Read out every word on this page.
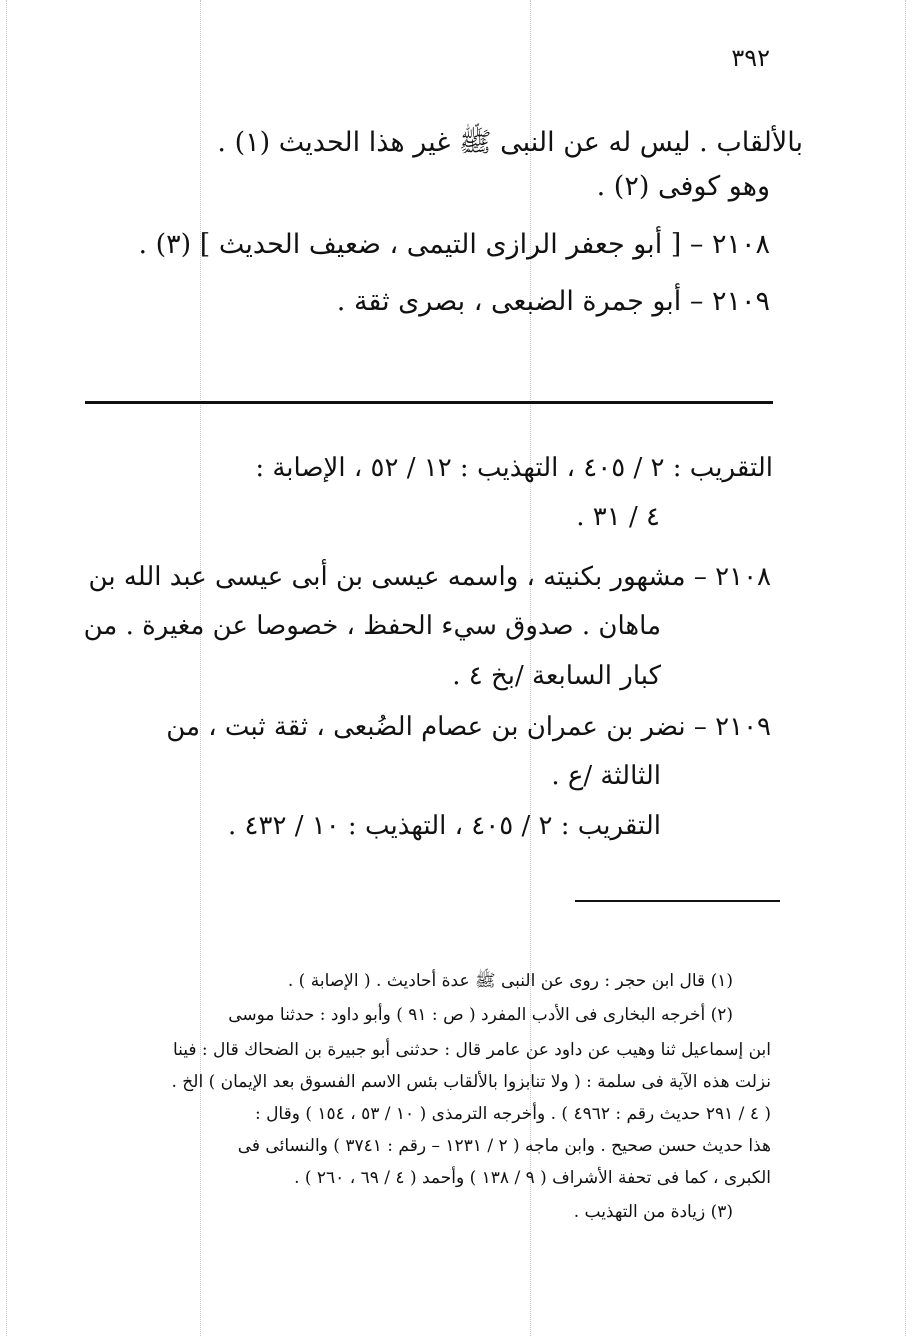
٣٩٢
بالألقاب . ليس له عن النبى ﷺ غير هذا الحديث (١) .
وهو كوفى (٢) .
٢١٠٨ – [ أبو جعفر الرازى التيمى ، ضعيف الحديث ] (٣) .
٢١٠٩ – أبو جمرة الضبعى ، بصرى ثقة .
التقريب : ٢ / ٤٠٥ ، التهذيب : ١٢ / ٥٢ ، الإصابة :
٤ / ٣١ .
٢١٠٨ – مشهور بكنيته ، واسمه عيسى بن أبى عيسى عبد الله بن
ماهان . صدوق سيء الحفظ ، خصوصا عن مغيرة . من
كبار السابعة /بخ ٤ .
٢١٠٩ – نضر بن عمران بن عصام الضُبعى ، ثقة ثبت ، من
الثالثة /ع .
التقريب : ٢ / ٤٠٥ ، التهذيب : ١٠ / ٤٣٢ .
(١) قال ابن حجر : روى عن النبى ﷺ عدة أحاديث . ( الإصابة ) .
(٢) أخرجه البخارى فى الأدب المفرد ( ص : ٩١ ) وأبو داود : حدثنا موسى
ابن إسماعيل ثنا وهيب عن داود عن عامر قال : حدثنى أبو جبيرة بن الضحاك قال : فينا
نزلت هذه الآية فى سلمة : ( ولا تنابزوا بالألقاب بئس الاسم الفسوق بعد الإيمان ) الخ .
( ٤ / ٢٩١ حديث رقم : ٤٩٦٢ ) . وأخرجه الترمذى ( ١٠ / ٥٣ ، ١٥٤ ) وقال :
هذا حديث حسن صحيح . وابن ماجه ( ٢ / ١٢٣١ – رقم : ٣٧٤١ ) والنسائى فى
الكبرى ، كما فى تحفة الأشراف ( ٩ / ١٣٨ ) وأحمد ( ٤ / ٦٩ ، ٢٦٠ ) .
(٣) زيادة من التهذيب .
